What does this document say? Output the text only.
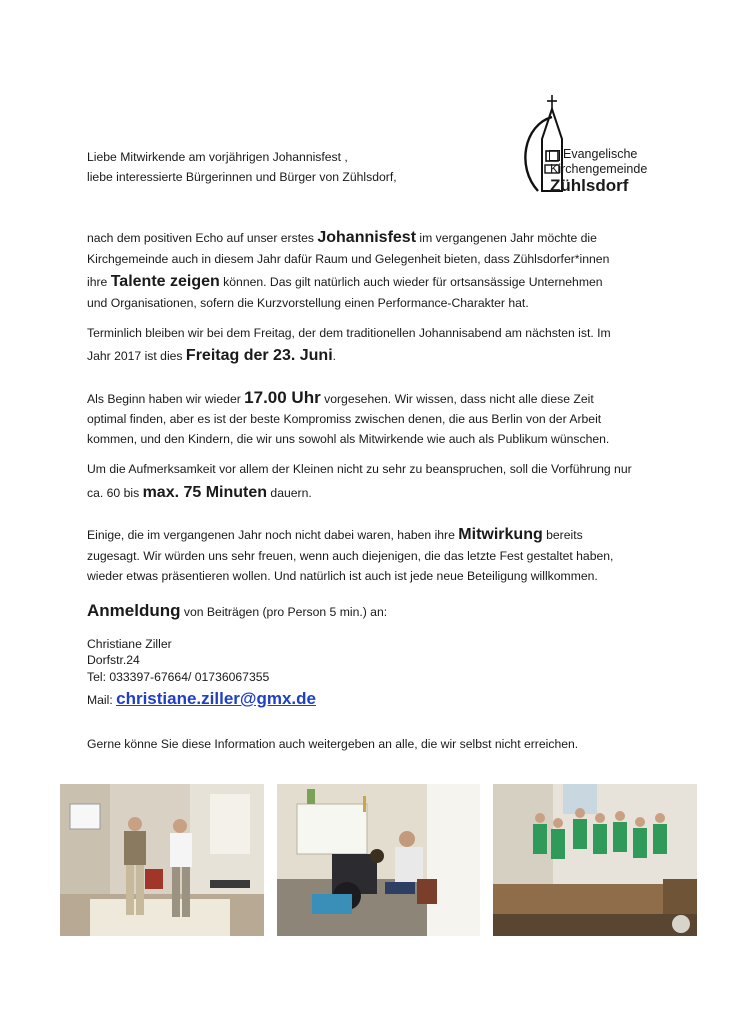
Evangelische
Kirchengemeinde
Zühlsdorf
Liebe Mitwirkende am vorjährigen Johannisfest ,
liebe interessierte Bürgerinnen und Bürger von Zühlsdorf,
nach dem positiven Echo auf unser erstes Johannisfest im vergangenen Jahr möchte die
Kirchgemeinde auch in diesem Jahr dafür Raum und Gelegenheit bieten, dass Zühlsdorfer*innen
ihre Talente zeigen können. Das gilt natürlich auch wieder für ortsansässige Unternehmen
und Organisationen, sofern die Kurzvorstellung einen Performance-Charakter hat.
Terminlich bleiben wir bei dem Freitag, der dem traditionellen Johannisabend am nächsten ist. Im
Jahr 2017 ist dies Freitag der 23. Juni.
Als Beginn haben wir wieder 17.00 Uhr vorgesehen. Wir wissen, dass nicht alle diese Zeit
optimal finden, aber es ist der beste Kompromiss zwischen denen, die aus Berlin von der Arbeit
kommen, und den Kindern, die wir uns sowohl als Mitwirkende wie auch als Publikum wünschen.
Um die Aufmerksamkeit vor allem der Kleinen nicht zu sehr zu beanspruchen, soll die Vorführung nur
ca. 60 bis max. 75 Minuten dauern.
Einige, die im vergangenen Jahr noch nicht dabei waren, haben ihre Mitwirkung bereits
zugesagt. Wir würden uns sehr freuen, wenn auch diejenigen, die das letzte Fest gestaltet haben,
wieder etwas präsentieren wollen. Und natürlich ist auch ist jede neue Beteiligung willkommen.
Anmeldung von Beiträgen (pro Person 5 min.) an:
Christiane Ziller
Dorfstr.24
Tel: 033397-67664/ 01736067355
Mail: christiane.ziller@gmx.de
Gerne könne Sie diese Information auch weitergeben an alle, die wir selbst nicht erreichen.
